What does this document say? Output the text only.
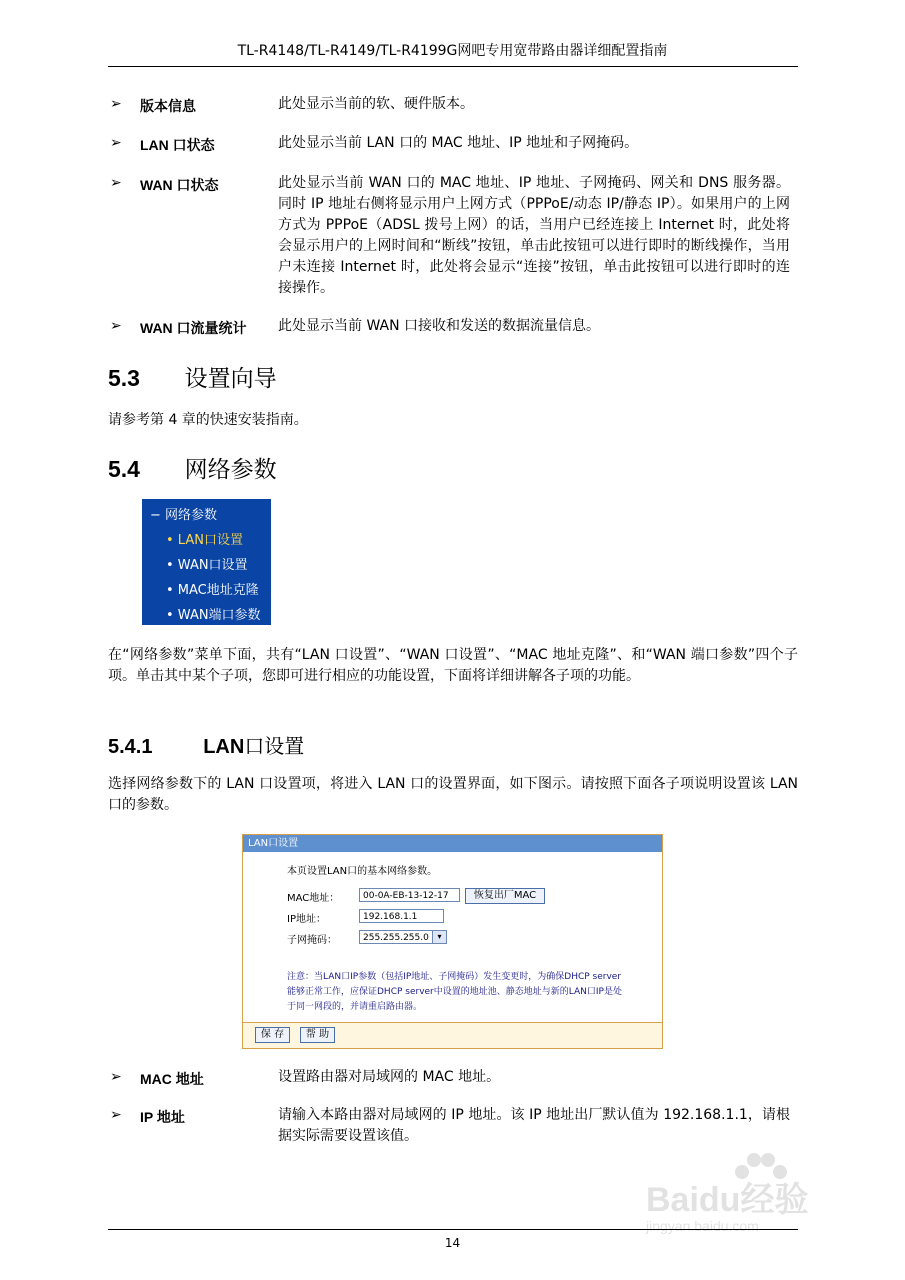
TL-R4148/TL-R4149/TL-R4199G网吧专用宽带路由器详细配置指南
➢ 版本信息	此处显示当前的软、硬件版本。
➢ LAN 口状态	此处显示当前 LAN 口的 MAC 地址、IP 地址和子网掩码。
➢ WAN 口状态	此处显示当前 WAN 口的 MAC 地址、IP 地址、子网掩码、网关和 DNS 服务器。同时 IP 地址右侧将显示用户上网方式（PPPoE/动态 IP/静态 IP）。如果用户的上网方式为 PPPoE（ADSL 拨号上网）的话，当用户已经连接上 Internet 时，此处将会显示用户的上网时间和“断线”按钮，单击此按钮可以进行即时的断线操作，当用户未连接 Internet 时，此处将会显示“连接”按钮，单击此按钮可以进行即时的连接操作。
➢ WAN 口流量统计 此处显示当前 WAN 口接收和发送的数据流量信息。
5.3 设置向导
请参考第 4 章的快速安装指南。
5.4 网络参数
− 网络参数
• LAN口设置
• WAN口设置
• MAC地址克隆
• WAN端口参数
在“网络参数”菜单下面，共有“LAN 口设置”、“WAN 口设置”、“MAC 地址克隆”、和“WAN 端口参数”四个子项。单击其中某个子项，您即可进行相应的功能设置，下面将详细讲解各子项的功能。
5.4.1	LAN口设置
选择网络参数下的 LAN 口设置项，将进入 LAN 口的设置界面，如下图示。请按照下面各子项说明设置该 LAN 口的参数。
LAN口设置
本页设置LAN口的基本网络参数。
MAC地址：	00-0A-EB-13-12-17	恢复出厂MAC
IP地址：	192.168.1.1
子网掩码：	255.255.255.0	▾
注意：当LAN口IP参数（包括IP地址、子网掩码）发生变更时，为确保DHCP server能够正常工作，应保证DHCP server中设置的地址池、静态地址与新的LAN口IP是处于同一网段的，并请重启路由器。
保 存	帮 助
➢ MAC 地址	设置路由器对局域网的 MAC 地址。
➢ IP 地址	请输入本路由器对局域网的 IP 地址。该 IP 地址出厂默认值为 192.168.1.1，请根据实际需要设置该值。
Baidu经验
jingyan.baidu.com
14
